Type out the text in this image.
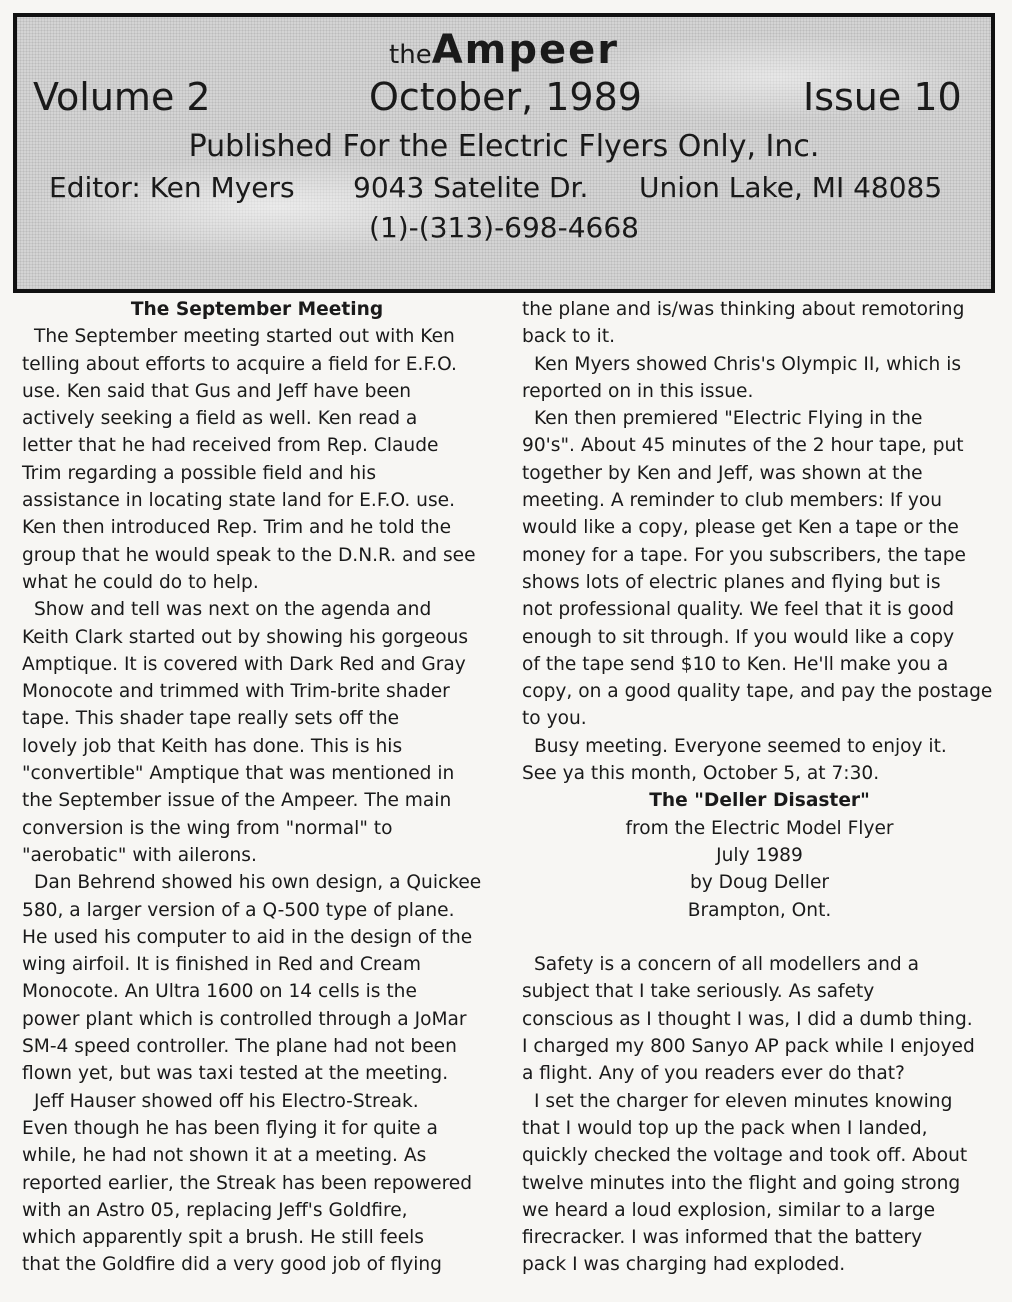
theAmpeer
Volume 2	October, 1989	Issue 10
Published For the Electric Flyers Only, Inc.
Editor: Ken Myers 9043 Satelite Dr. Union Lake, MI 48085
(1)-(313)-698-4668

The September Meeting

The September meeting started out with Ken

telling about efforts to acquire a field for E.F.O.

use. Ken said that Gus and Jeff have been

actively seeking a field as well. Ken read a

letter that he had received from Rep. Claude

Trim regarding a possible field and his

assistance in locating state land for E.F.O. use.

Ken then introduced Rep. Trim and he told the

group that he would speak to the D.N.R. and see

what he could do to help.

Show and tell was next on the agenda and

Keith Clark started out by showing his gorgeous

Amptique. It is covered with Dark Red and Gray

Monocote and trimmed with Trim-brite shader

tape. This shader tape really sets off the

lovely job that Keith has done. This is his

"convertible" Amptique that was mentioned in

the September issue of the Ampeer. The main

conversion is the wing from "normal" to

"aerobatic" with ailerons.

Dan Behrend showed his own design, a Quickee

580, a larger version of a Q-500 type of plane.

He used his computer to aid in the design of the

wing airfoil. It is finished in Red and Cream

Monocote. An Ultra 1600 on 14 cells is the

power plant which is controlled through a JoMar

SM-4 speed controller. The plane had not been

flown yet, but was taxi tested at the meeting.

Jeff Hauser showed off his Electro-Streak.

Even though he has been flying it for quite a

while, he had not shown it at a meeting. As

reported earlier, the Streak has been repowered

with an Astro 05, replacing Jeff's Goldfire,

which apparently spit a brush. He still feels

that the Goldfire did a very good job of flying

the plane and is/was thinking about remotoring

back to it.

Ken Myers showed Chris's Olympic II, which is

reported on in this issue.

Ken then premiered "Electric Flying in the

90's". About 45 minutes of the 2 hour tape, put

together by Ken and Jeff, was shown at the

meeting. A reminder to club members: If you

would like a copy, please get Ken a tape or the

money for a tape. For you subscribers, the tape

shows lots of electric planes and flying but is

not professional quality. We feel that it is good

enough to sit through. If you would like a copy

of the tape send $10 to Ken. He'll make you a

copy, on a good quality tape, and pay the postage

to you.

Busy meeting. Everyone seemed to enjoy it.

See ya this month, October 5, at 7:30.

The "Deller Disaster"

from the Electric Model Flyer

July 1989

by Doug Deller

Brampton, Ont.

Safety is a concern of all modellers and a

subject that I take seriously. As safety

conscious as I thought I was, I did a dumb thing.

I charged my 800 Sanyo AP pack while I enjoyed

a flight. Any of you readers ever do that?

I set the charger for eleven minutes knowing

that I would top up the pack when I landed,

quickly checked the voltage and took off. About

twelve minutes into the flight and going strong

we heard a loud explosion, similar to a large

firecracker. I was informed that the battery

pack I was charging had exploded.
